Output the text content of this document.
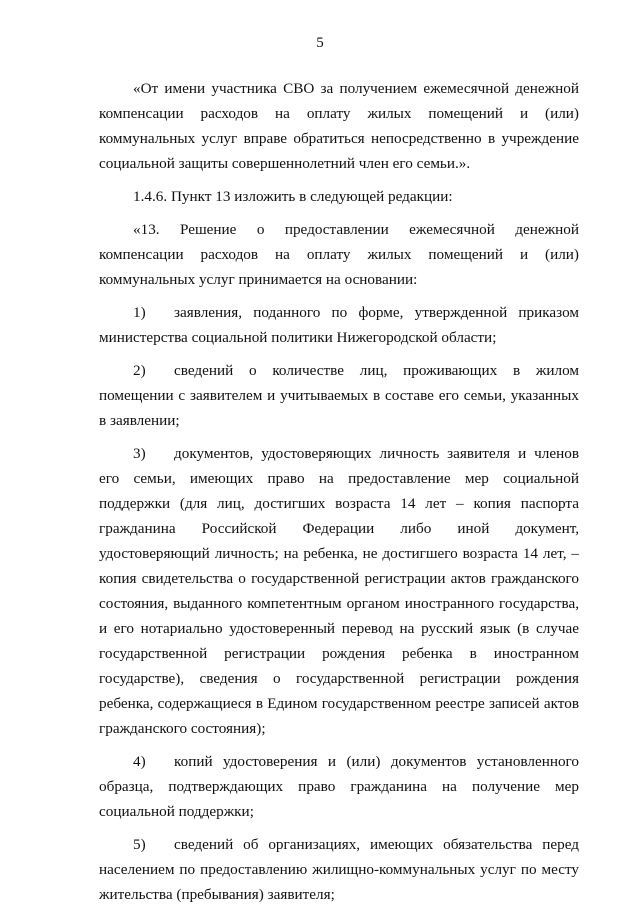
5

«От имени участника СВО за получением ежемесячной денежной компенсации расходов на оплату жилых помещений и (или) коммунальных услуг вправе обратиться непосредственно в учреждение социальной защиты совершеннолетний член его семьи.».

1.4.6. Пункт 13 изложить в следующей редакции:

«13. Решение о предоставлении ежемесячной денежной компенсации расходов на оплату жилых помещений и (или) коммунальных услуг принимается на основании:

1) заявления, поданного по форме, утвержденной приказом министерства социальной политики Нижегородской области;

2) сведений о количестве лиц, проживающих в жилом помещении с заявителем и учитываемых в составе его семьи, указанных в заявлении;

3) документов, удостоверяющих личность заявителя и членов его семьи, имеющих право на предоставление мер социальной поддержки (для лиц, достигших возраста 14 лет – копия паспорта гражданина Российской Федерации либо иной документ, удостоверяющий личность; на ребенка, не достигшего возраста 14 лет, – копия свидетельства о государственной регистрации актов гражданского состояния, выданного компетентным органом иностранного государства, и его нотариально удостоверенный перевод на русский язык (в случае государственной регистрации рождения ребенка в иностранном государстве), сведения о государственной регистрации рождения ребенка, содержащиеся в Едином государственном реестре записей актов гражданского состояния);

4) копий удостоверения и (или) документов установленного образца, подтверждающих право гражданина на получение мер социальной поддержки;

5) сведений об организациях, имеющих обязательства перед населением по предоставлению жилищно-коммунальных услуг по месту жительства (пребывания) заявителя;
